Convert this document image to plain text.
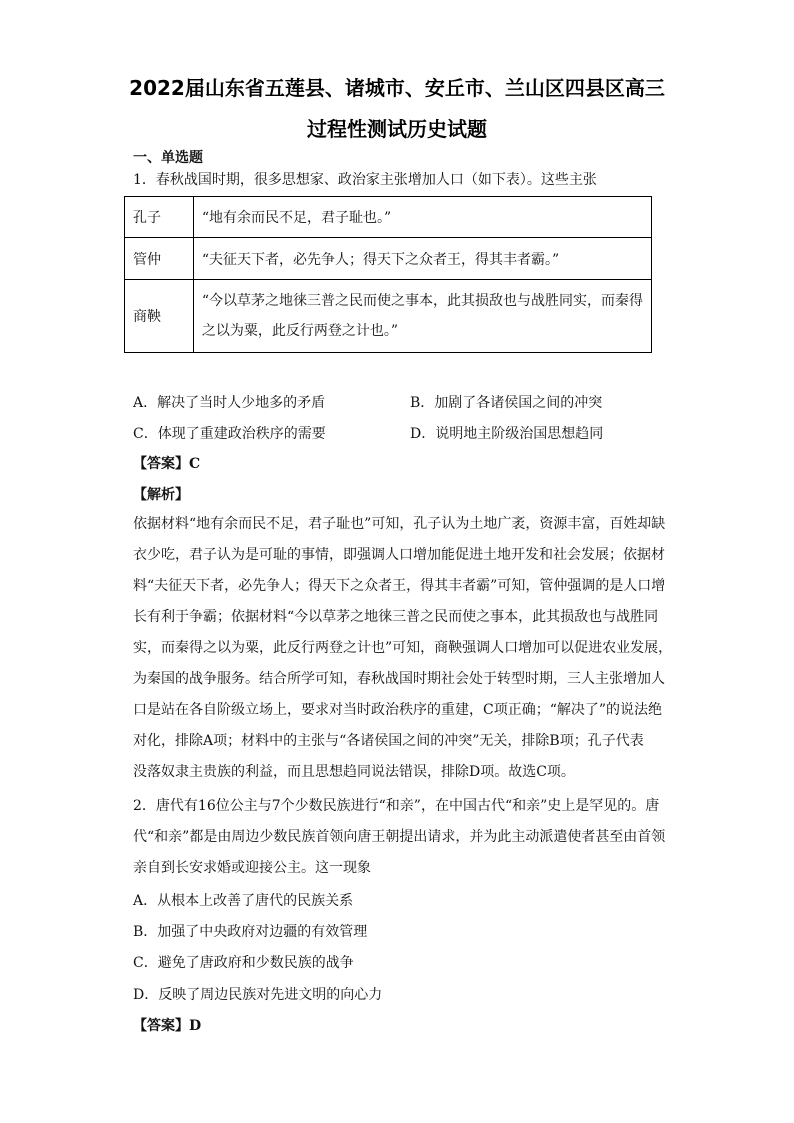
2022届山东省五莲县、诸城市、安丘市、兰山区四县区高三
过程性测试历史试题
一、单选题
1．春秋战国时期，很多思想家、政治家主张增加人口（如下表）。这些主张
孔子	“地有余而民不足，君子耻也。”
管仲	“夫征天下者，必先争人；得天下之众者王，得其丰者霸。”
商鞅	“今以草茅之地徕三普之民而使之事本，此其损敌也与战胜同实，而秦得
之以为粟，此反行两登之计也。”
A．解决了当时人少地多的矛盾	B．加剧了各诸侯国之间的冲突
C．体现了重建政治秩序的需要	D．说明地主阶级治国思想趋同
【答案】C
【解析】
依据材料“地有余而民不足，君子耻也”可知，孔子认为土地广袤，资源丰富，百姓却缺
衣少吃，君子认为是可耻的事情，即强调人口增加能促进土地开发和社会发展；依据材
料“夫征天下者，必先争人；得天下之众者王，得其丰者霸”可知，管仲强调的是人口增
长有利于争霸；依据材料“今以草茅之地徕三普之民而使之事本，此其损敌也与战胜同
实，而秦得之以为粟，此反行两登之计也”可知，商鞅强调人口增加可以促进农业发展，
为秦国的战争服务。结合所学可知，春秋战国时期社会处于转型时期，三人主张增加人
口是站在各自阶级立场上，要求对当时政治秩序的重建，C项正确；“解决了”的说法绝
对化，排除A项；材料中的主张与“各诸侯国之间的冲突”无关，排除B项；孔子代表
没落奴隶主贵族的利益，而且思想趋同说法错误，排除D项。故选C项。
2．唐代有16位公主与7个少数民族进行“和亲”，在中国古代“和亲”史上是罕见的。唐
代“和亲”都是由周边少数民族首领向唐王朝提出请求，并为此主动派遣使者甚至由首领
亲自到长安求婚或迎接公主。这一现象
A．从根本上改善了唐代的民族关系
B．加强了中央政府对边疆的有效管理
C．避免了唐政府和少数民族的战争
D．反映了周边民族对先进文明的向心力
【答案】D
